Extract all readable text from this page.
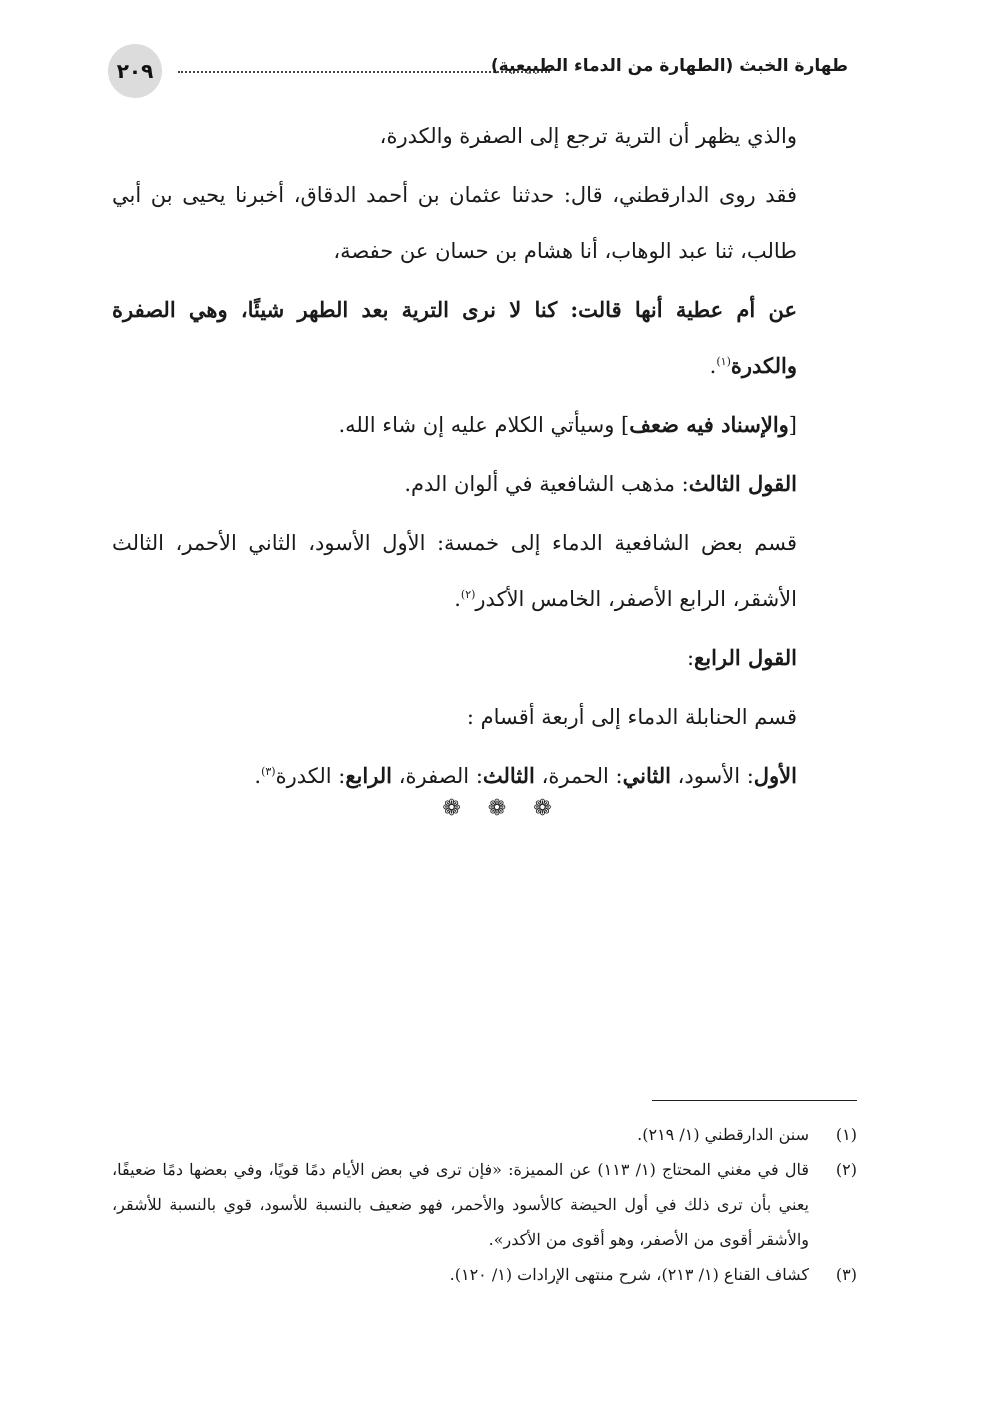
٢٠٩	طهارة الخبث (الطهارة من الدماء الطبيعية)

والذي يظهر أن الترية ترجع إلى الصفرة والكدرة،

فقد روى الدارقطني، قال: حدثنا عثمان بن أحمد الدقاق، أخبرنا يحيى بن أبي طالب، ثنا عبد الوهاب، أنا هشام بن حسان عن حفصة،

عن أم عطية أنها قالت: كنا لا نرى الترية بعد الطهر شيئًا، وهي الصفرة والكدرة$^{(١)}$.

[والإسناد فيه ضعف] وسيأتي الكلام عليه إن شاء الله.

القول الثالث: مذهب الشافعية في ألوان الدم.

قسم بعض الشافعية الدماء إلى خمسة: الأول الأسود، الثاني الأحمر، الثالث الأشقر، الرابع الأصفر، الخامس الأكدر$^{(٢)}$.

القول الرابع:

قسم الحنابلة الدماء إلى أربعة أقسام :

الأول: الأسود، الثاني: الحمرة، الثالث: الصفرة، الرابع: الكدرة$^{(٣)}$.

❁ ❁ ❁
(١)
سنن الدارقطني (١/ ٢١٩).
(٢)
قال في مغني المحتاج (١/ ١١٣) عن المميزة: «فإن ترى في بعض الأيام دمًا قويًا، وفي بعضها دمًا ضعيفًا، يعني بأن ترى ذلك في أول الحيضة كالأسود والأحمر، فهو ضعيف بالنسبة للأسود، قوي بالنسبة للأشقر، والأشقر أقوى من الأصفر، وهو أقوى من الأكدر».
(٣)
كشاف القناع (١/ ٢١٣)، شرح منتهى الإرادات (١/ ١٢٠).
